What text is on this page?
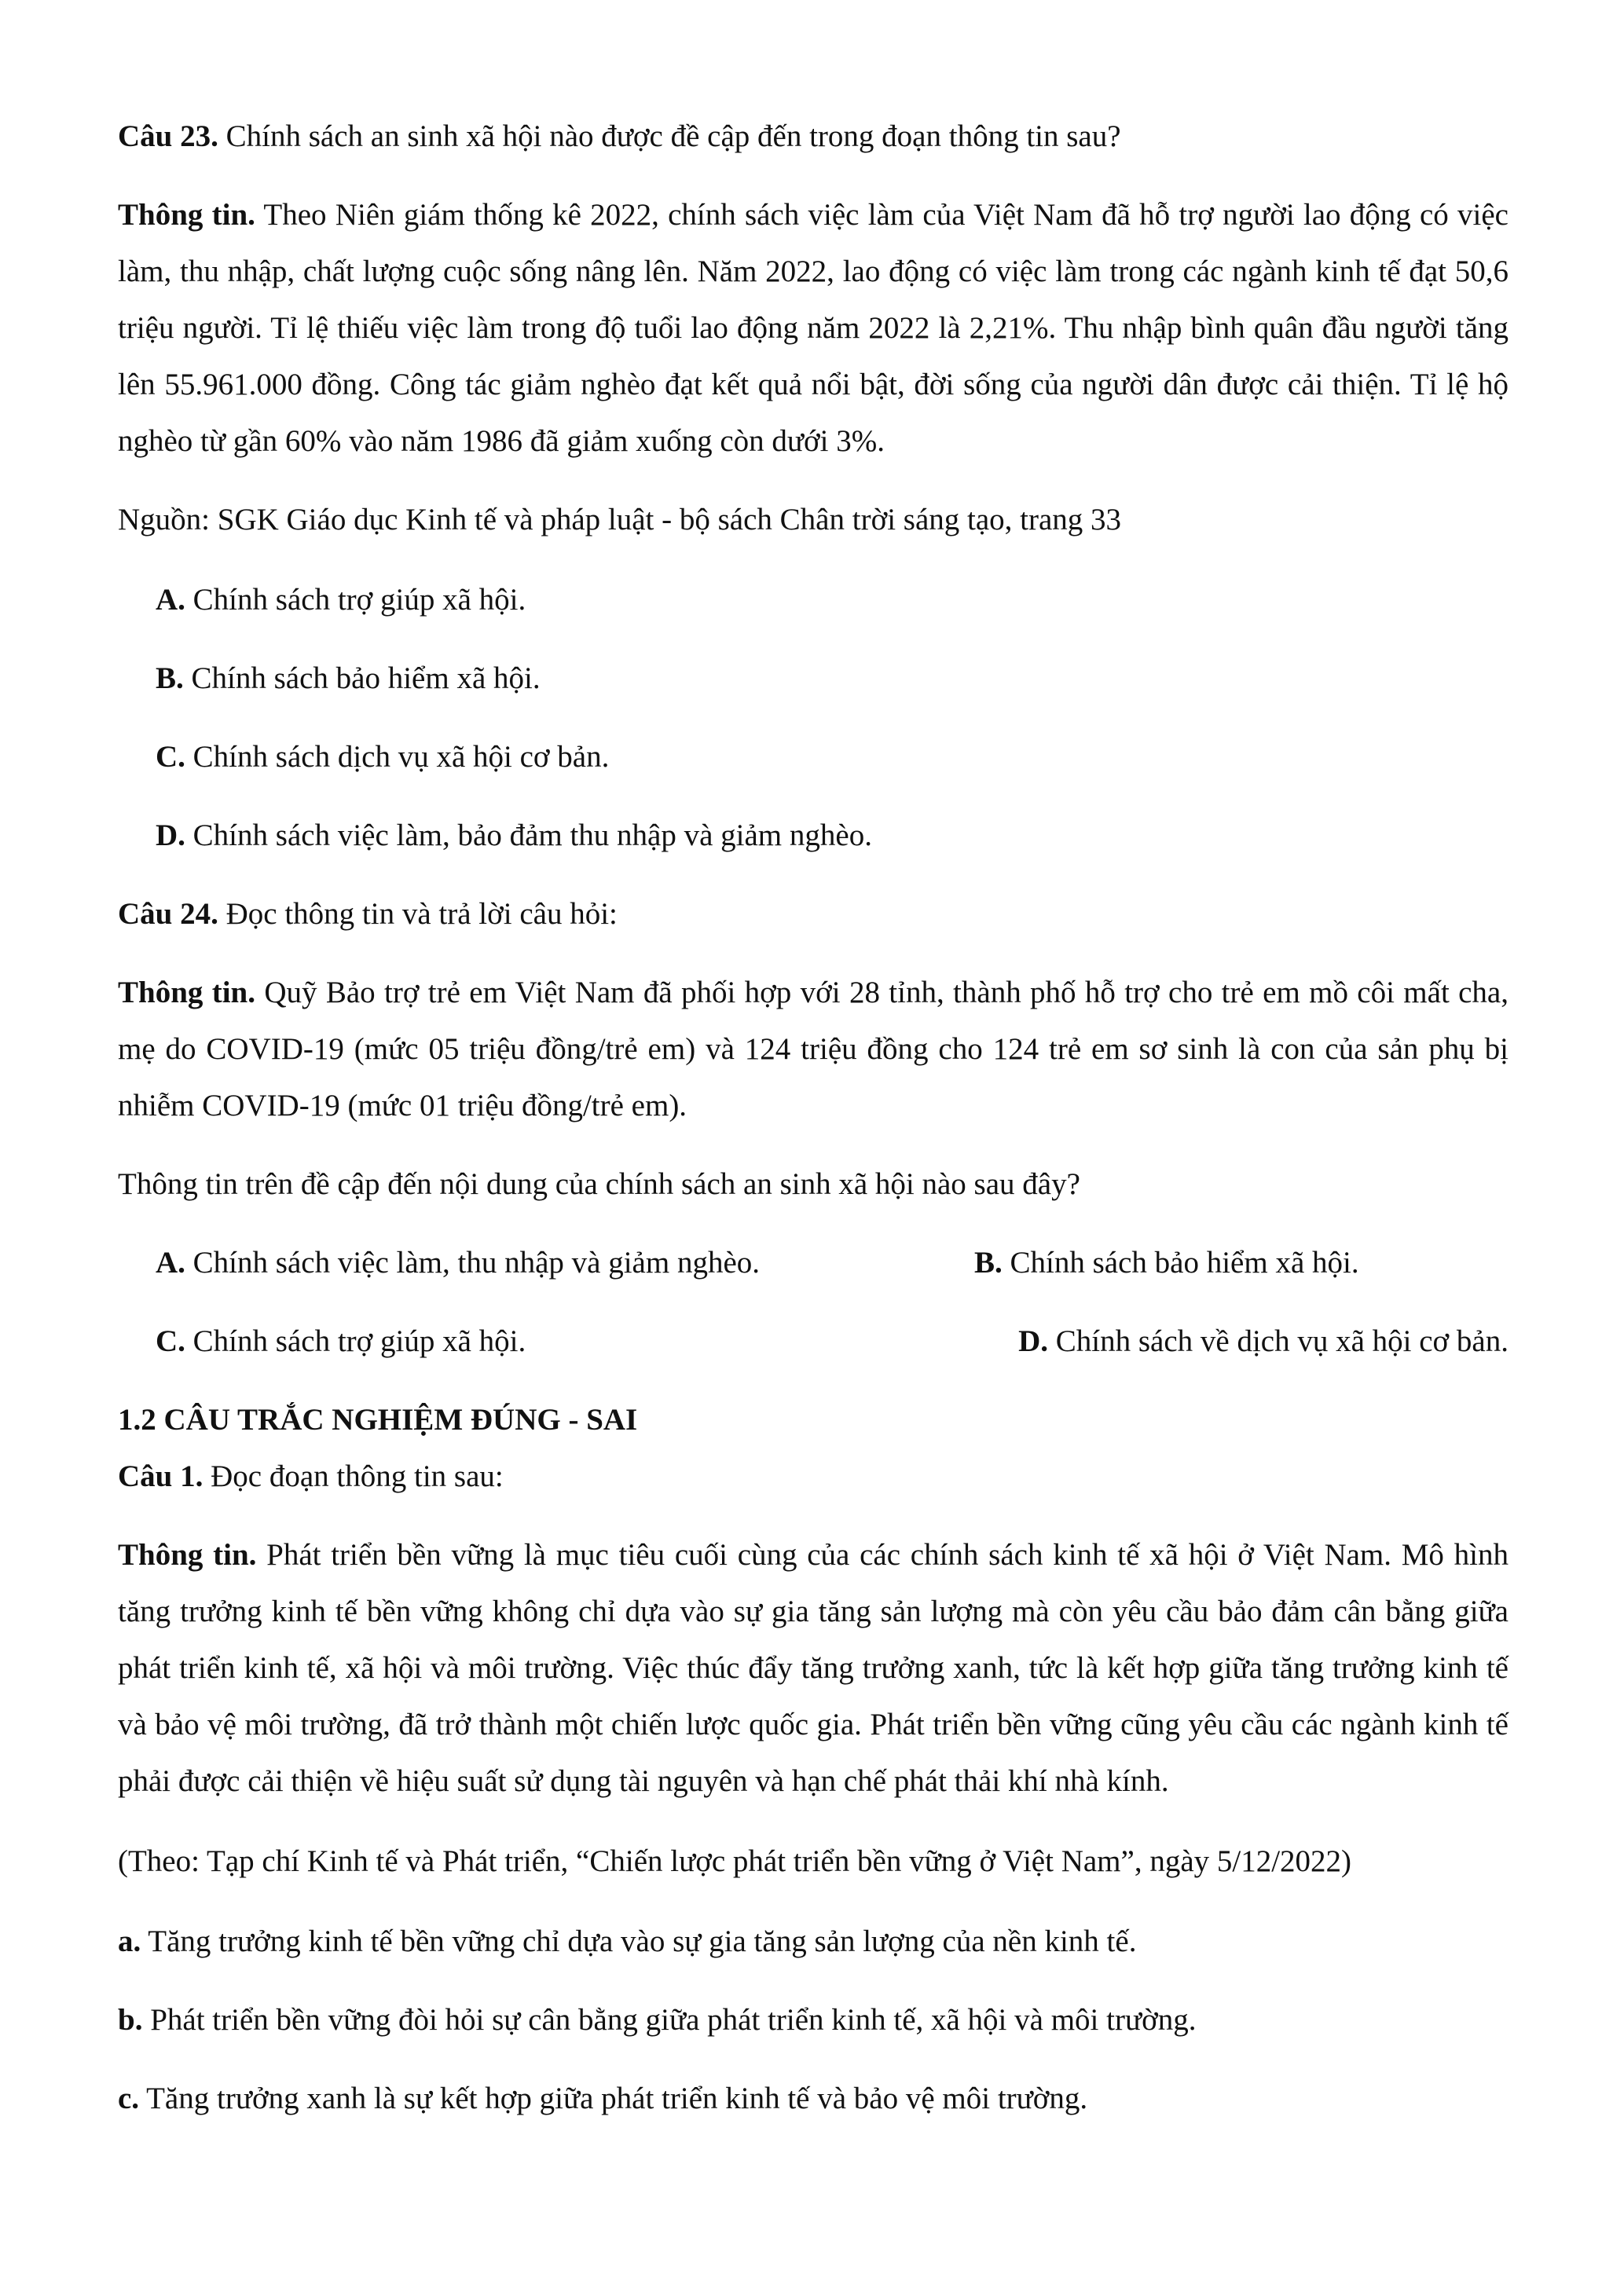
Câu 23. Chính sách an sinh xã hội nào được đề cập đến trong đoạn thông tin sau?

Thông tin. Theo Niên giám thống kê 2022, chính sách việc làm của Việt Nam đã hỗ trợ người lao động có việc làm, thu nhập, chất lượng cuộc sống nâng lên. Năm 2022, lao động có việc làm trong các ngành kinh tế đạt 50,6 triệu người. Tỉ lệ thiếu việc làm trong độ tuổi lao động năm 2022 là 2,21%. Thu nhập bình quân đầu người tăng lên 55.961.000 đồng. Công tác giảm nghèo đạt kết quả nổi bật, đời sống của người dân được cải thiện. Tỉ lệ hộ nghèo từ gần 60% vào năm 1986 đã giảm xuống còn dưới 3%.

Nguồn: SGK Giáo dục Kinh tế và pháp luật - bộ sách Chân trời sáng tạo, trang 33

A. Chính sách trợ giúp xã hội.

B. Chính sách bảo hiểm xã hội.

C. Chính sách dịch vụ xã hội cơ bản.

D. Chính sách việc làm, bảo đảm thu nhập và giảm nghèo.

Câu 24. Đọc thông tin và trả lời câu hỏi:

Thông tin. Quỹ Bảo trợ trẻ em Việt Nam đã phối hợp với 28 tỉnh, thành phố hỗ trợ cho trẻ em mồ côi mất cha, mẹ do COVID-19 (mức 05 triệu đồng/trẻ em) và 124 triệu đồng cho 124 trẻ em sơ sinh là con của sản phụ bị nhiễm COVID-19 (mức 01 triệu đồng/trẻ em).

Thông tin trên đề cập đến nội dung của chính sách an sinh xã hội nào sau đây?

A. Chính sách việc làm, thu nhập và giảm nghèo.	B. Chính sách bảo hiểm xã hội.
C. Chính sách trợ giúp xã hội.	D. Chính sách về dịch vụ xã hội cơ bản.

1.2 CÂU TRẮC NGHIỆM ĐÚNG - SAI

Câu 1. Đọc đoạn thông tin sau:

Thông tin. Phát triển bền vững là mục tiêu cuối cùng của các chính sách kinh tế xã hội ở Việt Nam. Mô hình tăng trưởng kinh tế bền vững không chỉ dựa vào sự gia tăng sản lượng mà còn yêu cầu bảo đảm cân bằng giữa phát triển kinh tế, xã hội và môi trường. Việc thúc đẩy tăng trưởng xanh, tức là kết hợp giữa tăng trưởng kinh tế và bảo vệ môi trường, đã trở thành một chiến lược quốc gia. Phát triển bền vững cũng yêu cầu các ngành kinh tế phải được cải thiện về hiệu suất sử dụng tài nguyên và hạn chế phát thải khí nhà kính.

(Theo: Tạp chí Kinh tế và Phát triển, “Chiến lược phát triển bền vững ở Việt Nam”, ngày 5/12/2022)

a. Tăng trưởng kinh tế bền vững chỉ dựa vào sự gia tăng sản lượng của nền kinh tế.

b. Phát triển bền vững đòi hỏi sự cân bằng giữa phát triển kinh tế, xã hội và môi trường.

c. Tăng trưởng xanh là sự kết hợp giữa phát triển kinh tế và bảo vệ môi trường.
